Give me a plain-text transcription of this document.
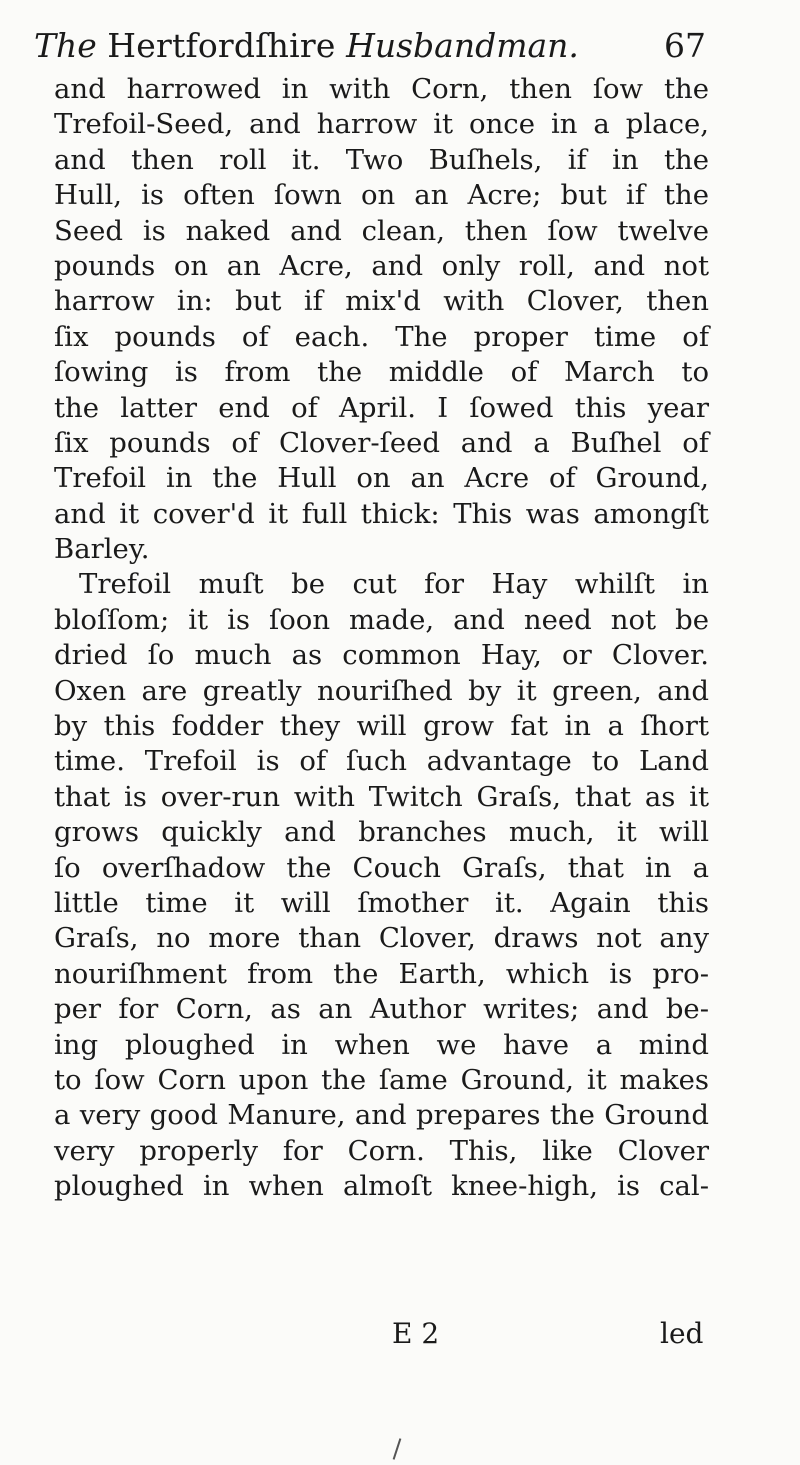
The Hertfordſhire Husbandman.	67
and harrowed in with Corn, then ſow the
Trefoil-Seed, and harrow it once in a place,
and then roll it. Two Buſhels, if in the
Hull, is often ſown on an Acre; but if the
Seed is naked and clean, then ſow twelve
pounds on an Acre, and only roll, and not
harrow in: but if mix'd with Clover, then
ſix pounds of each. The proper time of
ſowing is from the middle of March to
the latter end of April. I ſowed this year
ſix pounds of Clover-ſeed and a Buſhel of
Trefoil in the Hull on an Acre of Ground,
and it cover'd it full thick: This was amongſt
Barley.
Trefoil muſt be cut for Hay whilſt in
bloſſom; it is ſoon made, and need not be
dried ſo much as common Hay, or Clover.
Oxen are greatly nouriſhed by it green, and
by this fodder they will grow fat in a ſhort
time. Trefoil is of ſuch advantage to Land
that is over-run with Twitch Graſs, that as it
grows quickly and branches much, it will
ſo overſhadow the Couch Graſs, that in a
little time it will ſmother it. Again this
Graſs, no more than Clover, draws not any
nouriſhment from the Earth, which is pro-
per for Corn, as an Author writes; and be-
ing ploughed in when we have a mind
to ſow Corn upon the ſame Ground, it makes
a very good Manure, and prepares the Ground
very properly for Corn. This, like Clover
ploughed in when almoſt knee-high, is cal-
E 2	led
